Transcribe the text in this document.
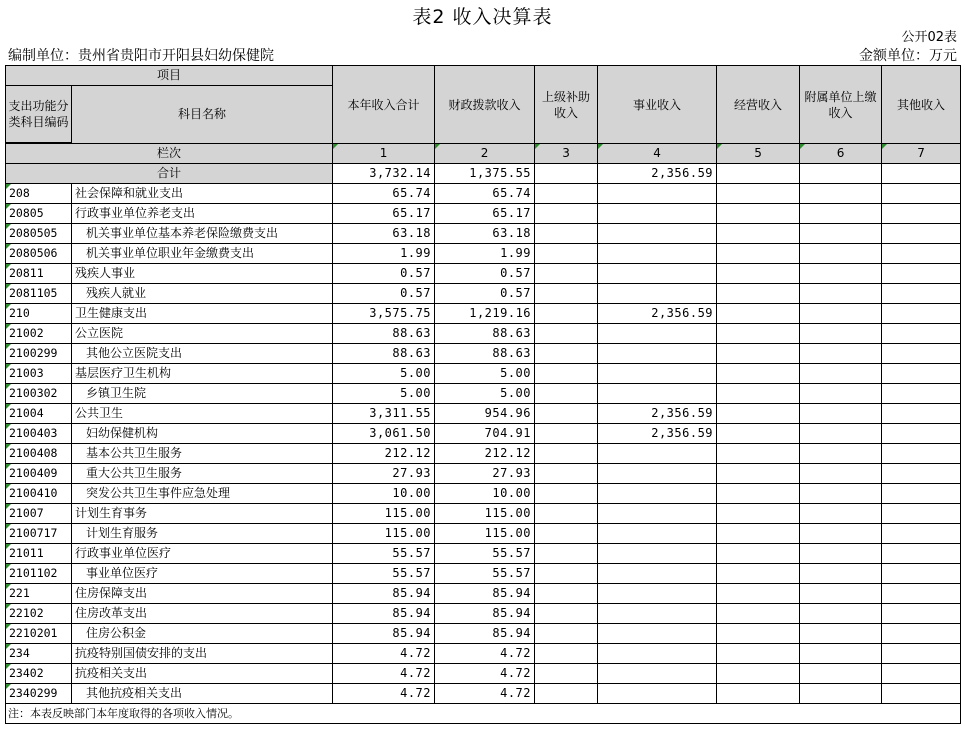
表2 收入决算表
公开02表
编制单位：贵州省贵阳市开阳县妇幼保健院	金额单位：万元
项目		本年收入合计	财政拨款收入	上级补助收入	事业收入	经营收入	附属单位上缴收入	其他收入
支出功能分类科目编码	科目名称							

栏次		1	2	3	4	5	6	7
合计		3,732.14	1,375.55		2,356.59			
208	社会保障和就业支出	65.74	65.74					
20805	行政事业单位养老支出	65.17	65.17					
2080505	机关事业单位基本养老保险缴费支出	63.18	63.18					
2080506	机关事业单位职业年金缴费支出	1.99	1.99					
20811	残疾人事业	0.57	0.57					
2081105	残疾人就业	0.57	0.57					
210	卫生健康支出	3,575.75	1,219.16		2,356.59			
21002	公立医院	88.63	88.63					
2100299	其他公立医院支出	88.63	88.63					
21003	基层医疗卫生机构	5.00	5.00					
2100302	乡镇卫生院	5.00	5.00					
21004	公共卫生	3,311.55	954.96		2,356.59			
2100403	妇幼保健机构	3,061.50	704.91		2,356.59			
2100408	基本公共卫生服务	212.12	212.12					
2100409	重大公共卫生服务	27.93	27.93					
2100410	突发公共卫生事件应急处理	10.00	10.00					
21007	计划生育事务	115.00	115.00					
2100717	计划生育服务	115.00	115.00					
21011	行政事业单位医疗	55.57	55.57					
2101102	事业单位医疗	55.57	55.57					
221	住房保障支出	85.94	85.94					
22102	住房改革支出	85.94	85.94					
2210201	住房公积金	85.94	85.94					
234	抗疫特别国债安排的支出	4.72	4.72					
23402	抗疫相关支出	4.72	4.72					
2340299	其他抗疫相关支出	4.72	4.72					
注：本表反映部门本年度取得的各项收入情况。								
